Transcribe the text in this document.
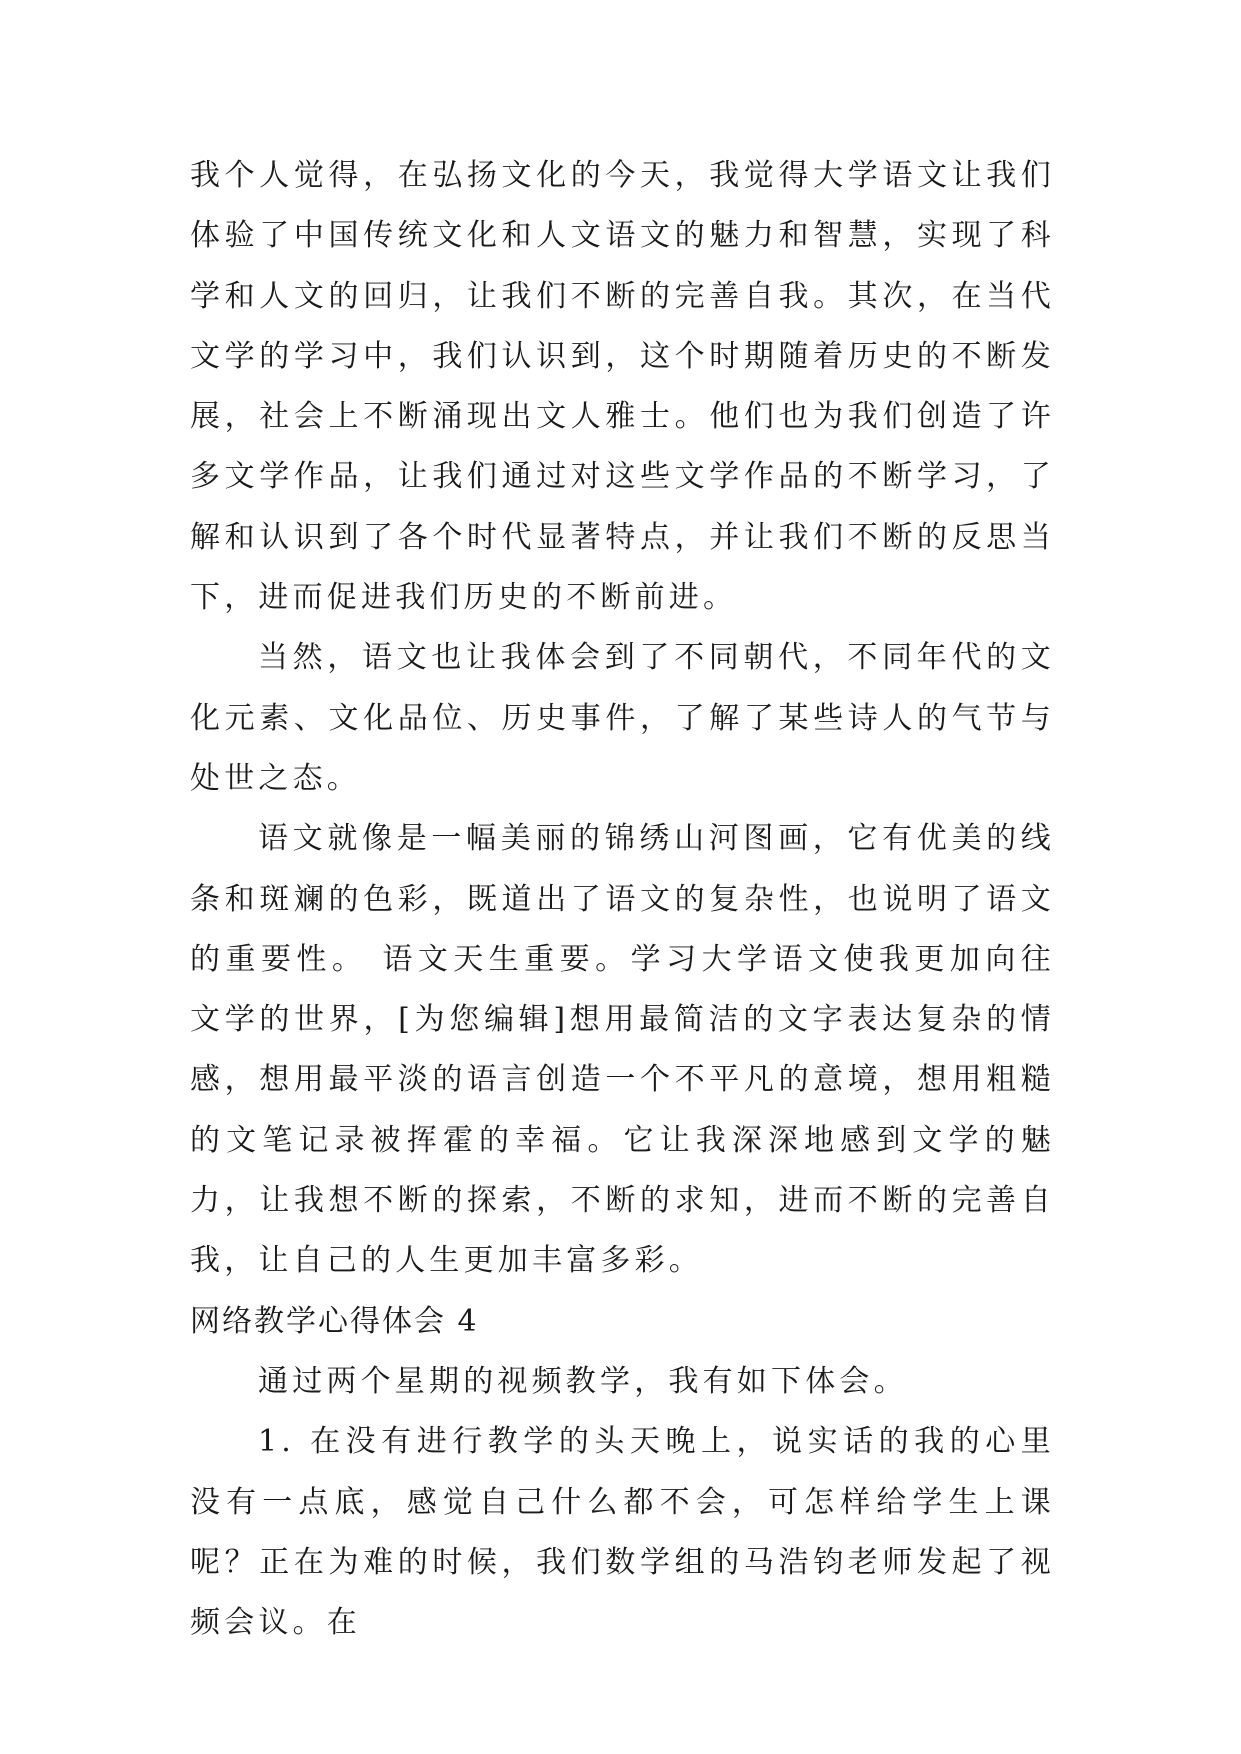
我个人觉得，在弘扬文化的今天，我觉得大学语文让我们体验了中国传统文化和人文语文的魅力和智慧，实现了科学和人文的回归，让我们不断的完善自我。其次，在当代文学的学习中，我们认识到，这个时期随着历史的不断发展，社会上不断涌现出文人雅士。他们也为我们创造了许多文学作品，让我们通过对这些文学作品的不断学习，了解和认识到了各个时代显著特点，并让我们不断的反思当下，进而促进我们历史的不断前进。

当然，语文也让我体会到了不同朝代，不同年代的文化元素、文化品位、历史事件，了解了某些诗人的气节与处世之态。

语文就像是一幅美丽的锦绣山河图画，它有优美的线条和斑斓的色彩，既道出了语文的复杂性，也说明了语文的重要性。 语文天生重要。学习大学语文使我更加向往文学的世界，[为您编辑]想用最简洁的文字表达复杂的情感，想用最平淡的语言创造一个不平凡的意境，想用粗糙的文笔记录被挥霍的幸福。它让我深深地感到文学的魅力，让我想不断的探索，不断的求知，进而不断的完善自我，让自己的人生更加丰富多彩。

网络教学心得体会 4

通过两个星期的视频教学，我有如下体会。

1. 在没有进行教学的头天晚上，说实话的我的心里没有一点底，感觉自己什么都不会，可怎样给学生上课呢？正在为难的时候，我们数学组的马浩钧老师发起了视频会议。在
